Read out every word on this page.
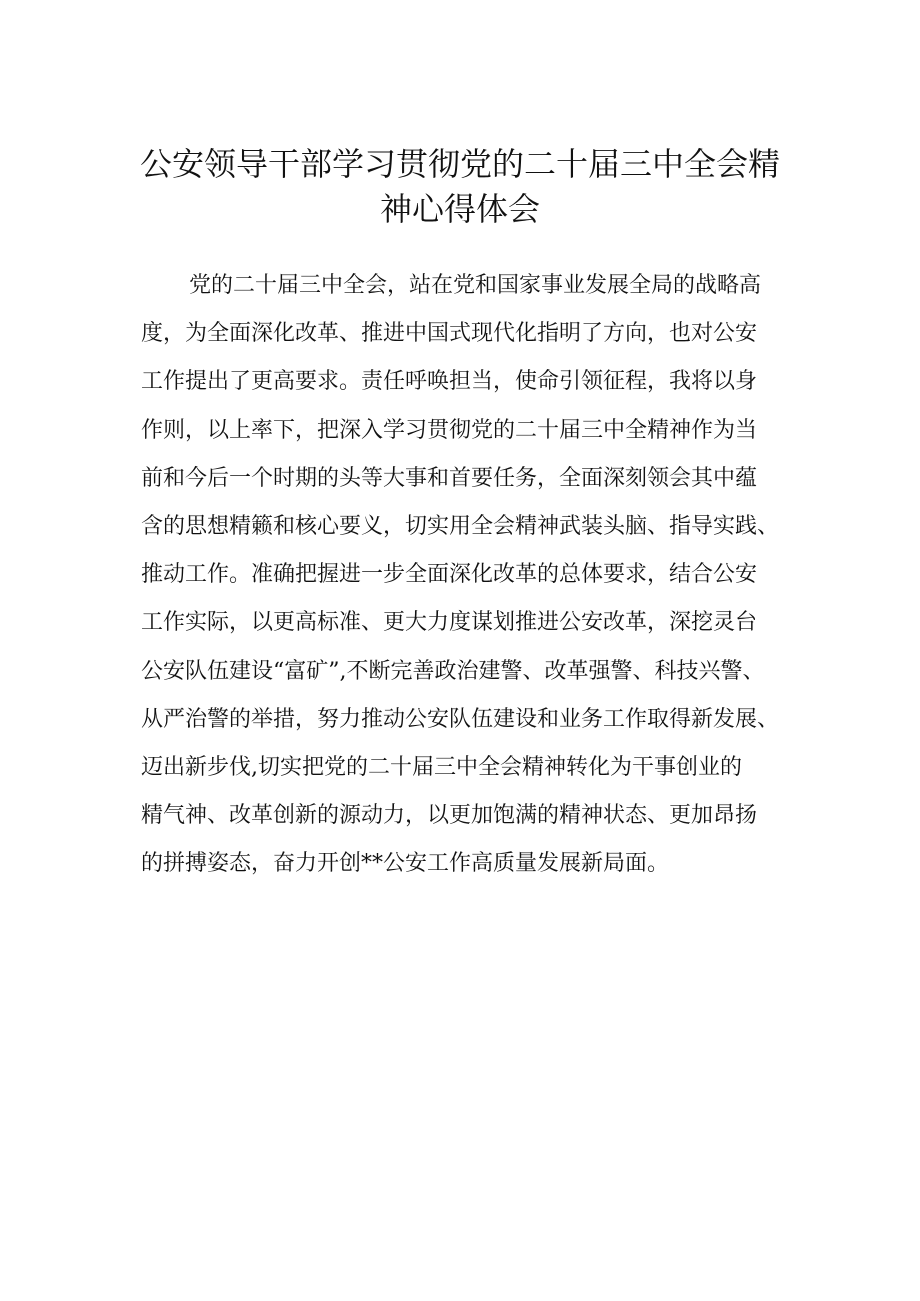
公安领导干部学习贯彻党的二十届三中全会精
神心得体会
党的二十届三中全会，站在党和国家事业发展全局的战略高
度，为全面深化改革、推进中国式现代化指明了方向，也对公安
工作提出了更高要求。责任呼唤担当，使命引领征程，我将以身
作则，以上率下，把深入学习贯彻党的二十届三中全精神作为当
前和今后一个时期的头等大事和首要任务，全面深刻领会其中蕴
含的思想精籁和核心要义，切实用全会精神武装头脑、指导实践、
推动工作。准确把握进一步全面深化改革的总体要求，结合公安
工作实际，以更高标准、更大力度谋划推进公安改革，深挖灵台
公安队伍建设“富矿”,不断完善政治建警、改革强警、科技兴警、
从严治警的举措，努力推动公安队伍建设和业务工作取得新发展、
迈出新步伐,切实把党的二十届三中全会精神转化为干事创业的
精气神、改革创新的源动力，以更加饱满的精神状态、更加昂扬
的拼搏姿态，奋力开创**公安工作高质量发展新局面。
